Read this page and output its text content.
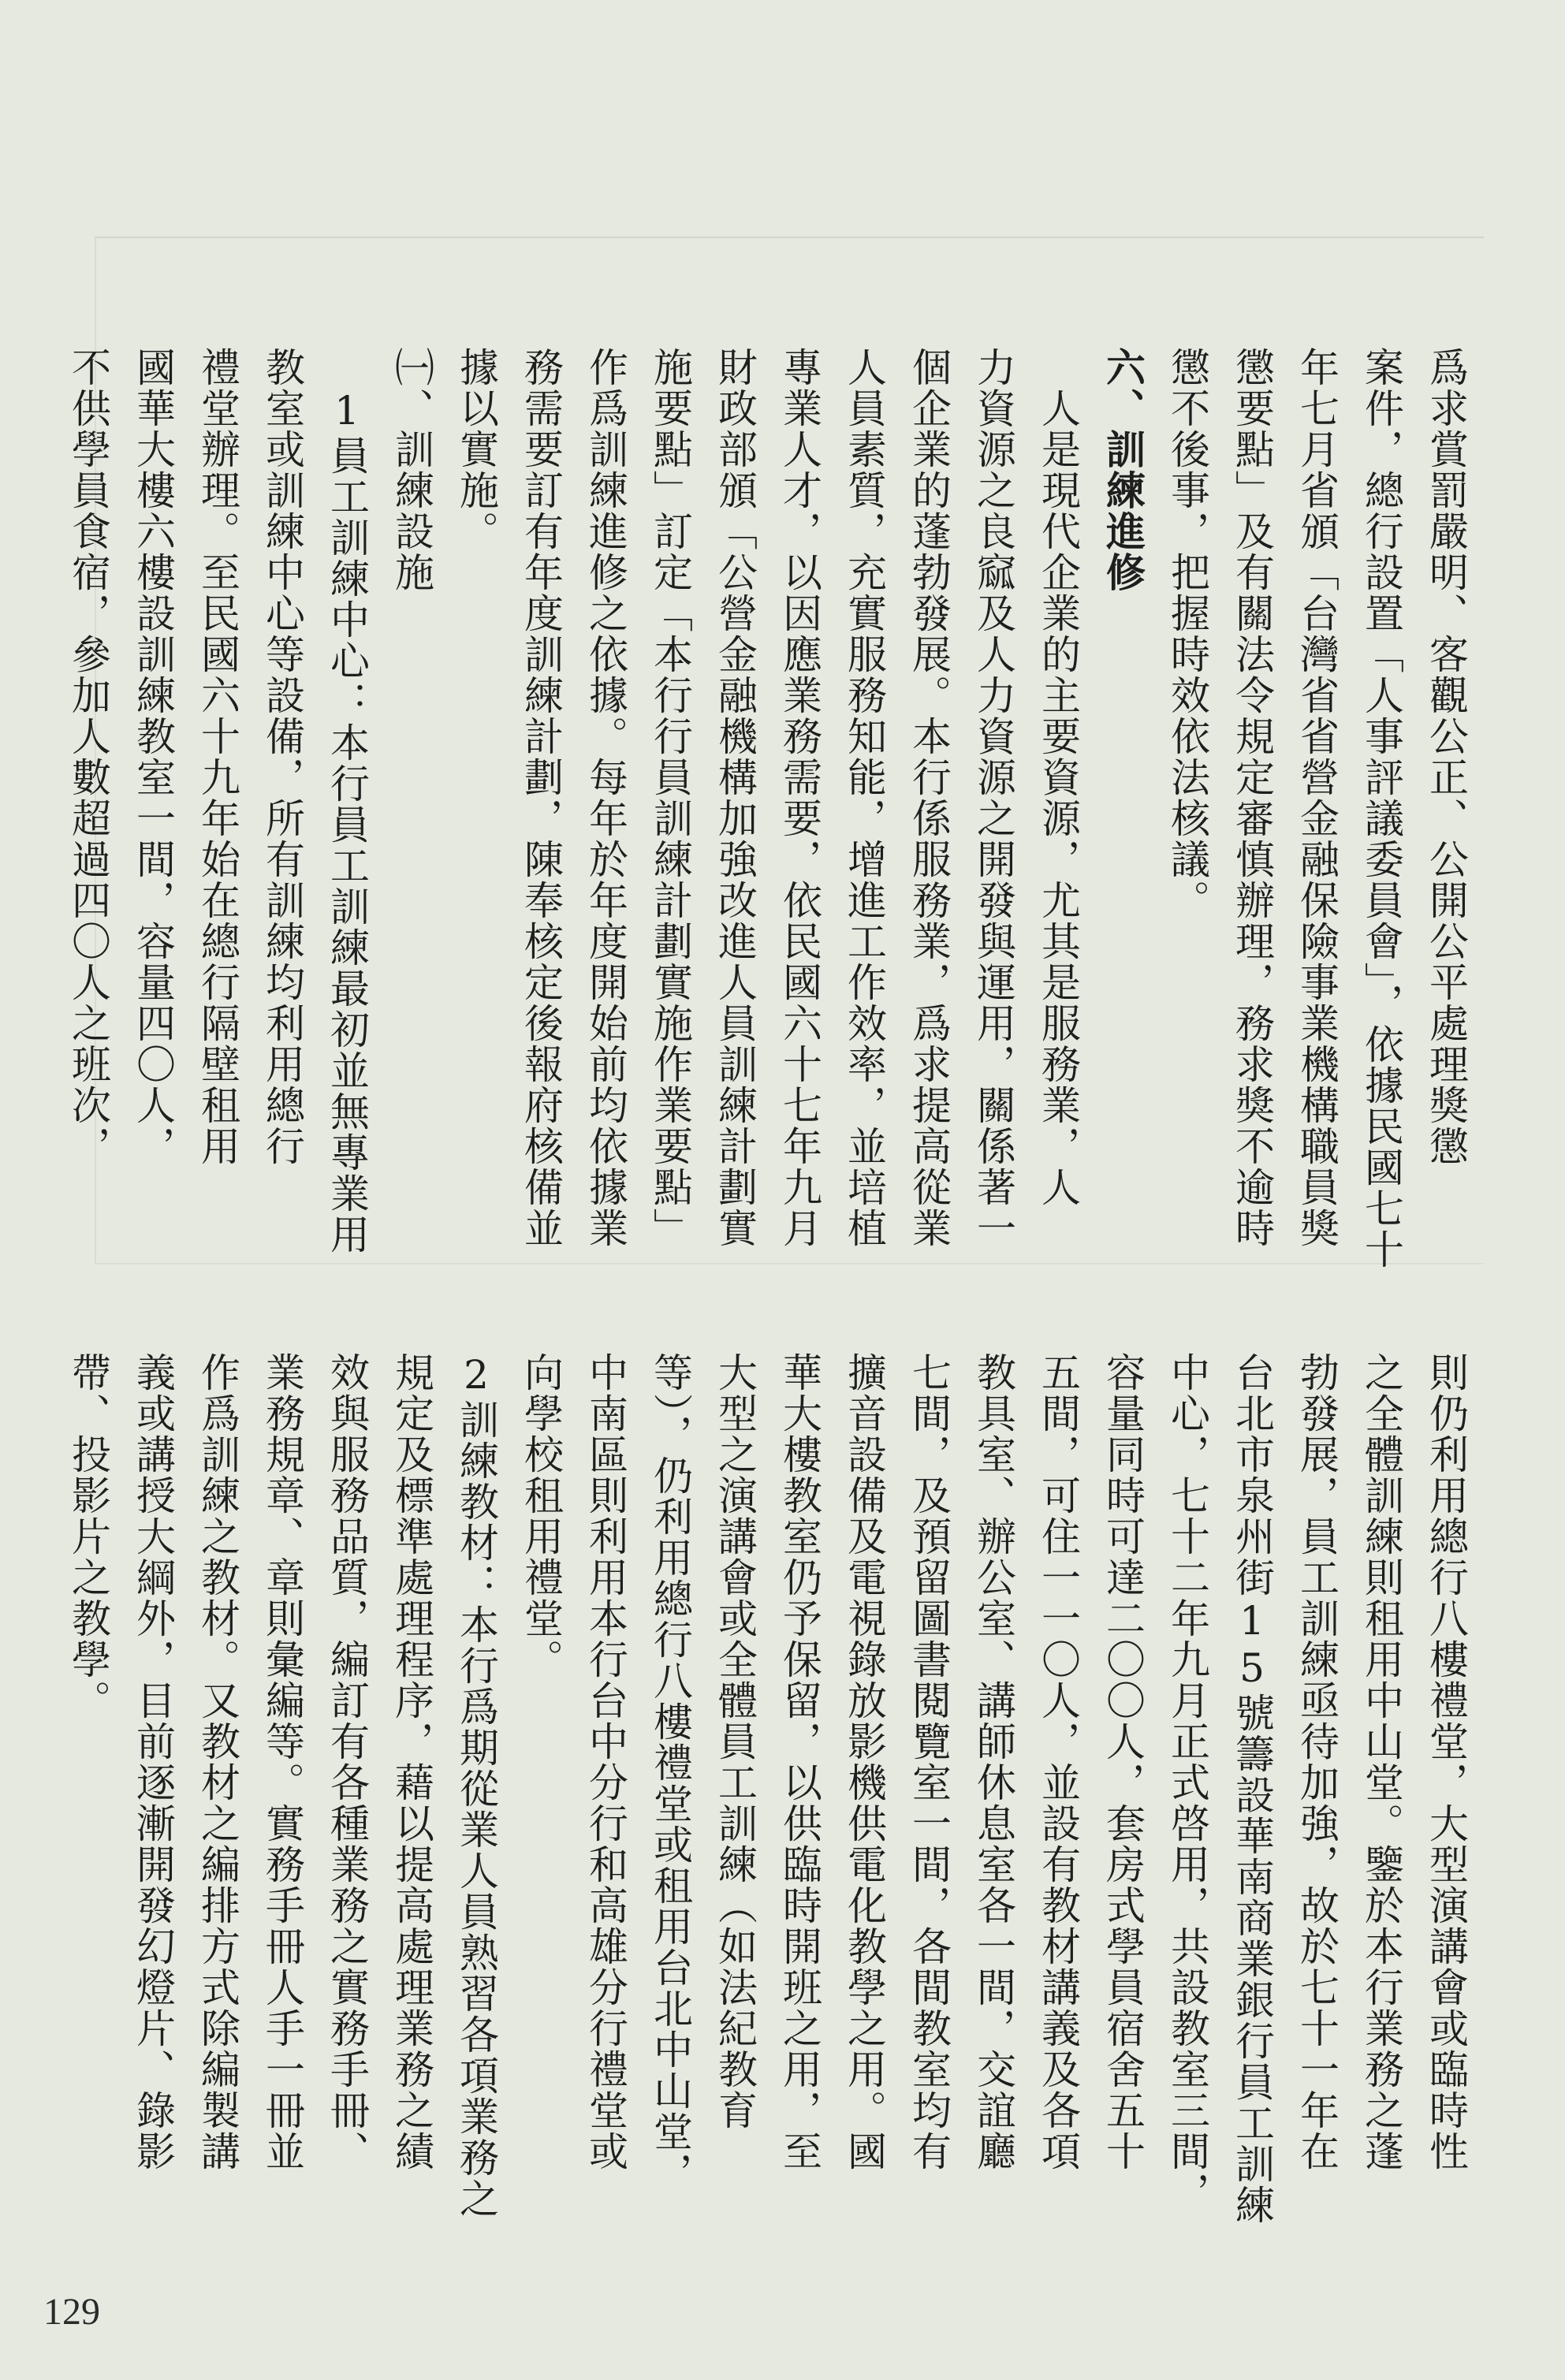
爲求賞罰嚴明、客觀公正、公開公平處理獎懲
案件，總行設置「人事評議委員會」，依據民國七十
年七月省頒「台灣省省營金融保險事業機構職員獎
懲要點」及有關法令規定審慎辦理，務求獎不逾時
懲不後事，把握時效依法核議。
六、訓練進修
　人是現代企業的主要資源，尤其是服務業，人
力資源之良窳及人力資源之開發與運用，關係著一
個企業的蓬勃發展。本行係服務業，爲求提高從業
人員素質，充實服務知能，增進工作效率，並培植
專業人才，以因應業務需要，依民國六十七年九月
財政部頒「公營金融機構加強改進人員訓練計劃實
施要點」訂定「本行行員訓練計劃實施作業要點」
作爲訓練進修之依據。每年於年度開始前均依據業
務需要訂有年度訓練計劃，陳奉核定後報府核備並
據以實施。
㈠、訓練設施
　1員工訓練中心：本行員工訓練最初並無專業用
教室或訓練中心等設備，所有訓練均利用總行
禮堂辦理。至民國六十九年始在總行隔壁租用
國華大樓六樓設訓練教室一間，容量四〇人，
不供學員食宿，參加人數超過四〇人之班次，
則仍利用總行八樓禮堂，大型演講會或臨時性
之全體訓練則租用中山堂。鑒於本行業務之蓬
勃發展，員工訓練亟待加強，故於七十一年在
台北市泉州街15號籌設華南商業銀行員工訓練
中心，七十二年九月正式啓用，共設教室三間，
容量同時可達二〇〇人，套房式學員宿舍五十
五間，可住一一〇人，並設有教材講義及各項
教具室、辦公室、講師休息室各一間，交誼廳
七間，及預留圖書閱覽室一間，各間教室均有
擴音設備及電視錄放影機供電化教學之用。國
華大樓教室仍予保留，以供臨時開班之用，至
大型之演講會或全體員工訓練（如法紀教育
等），仍利用總行八樓禮堂或租用台北中山堂，
中南區則利用本行台中分行和高雄分行禮堂或
向學校租用禮堂。
2訓練教材：本行爲期從業人員熟習各項業務之
規定及標準處理程序，藉以提高處理業務之績
效與服務品質，編訂有各種業務之實務手冊、
業務規章、章則彙編等。實務手冊人手一冊並
作爲訓練之教材。又教材之編排方式除編製講
義或講授大綱外，目前逐漸開發幻燈片、錄影
帶、投影片之教學。
129
